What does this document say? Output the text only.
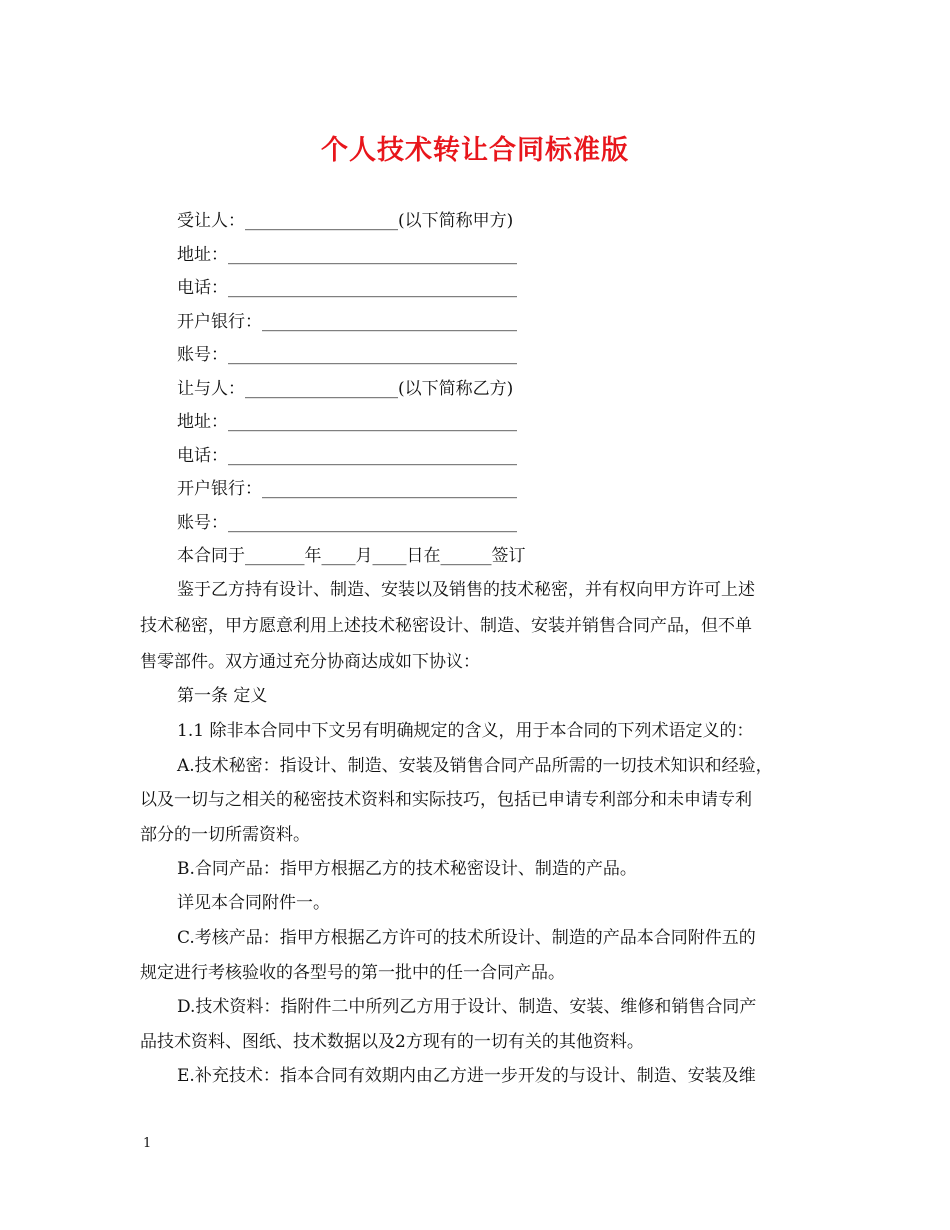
个人技术转让合同标准版
受让人：__________________(以下简称甲方)
地址：__________________________________
电话：__________________________________
开户银行：______________________________
账号：__________________________________
让与人：__________________(以下简称乙方)
地址：__________________________________
电话：__________________________________
开户银行：______________________________
账号：__________________________________
本合同于_______年____月____日在______签订
鉴于乙方持有设计、制造、安装以及销售的技术秘密，并有权向甲方许可上述
技术秘密，甲方愿意利用上述技术秘密设计、制造、安装并销售合同产品，但不单
售零部件。双方通过充分协商达成如下协议：
第一条 定义
1.1 除非本合同中下文另有明确规定的含义，用于本合同的下列术语定义的：
A.技术秘密：指设计、制造、安装及销售合同产品所需的一切技术知识和经验，
以及一切与之相关的秘密技术资料和实际技巧，包括已申请专利部分和未申请专利
部分的一切所需资料。
B.合同产品：指甲方根据乙方的技术秘密设计、制造的产品。
详见本合同附件一。
C.考核产品：指甲方根据乙方许可的技术所设计、制造的产品本合同附件五的
规定进行考核验收的各型号的第一批中的任一合同产品。
D.技术资料：指附件二中所列乙方用于设计、制造、安装、维修和销售合同产
品技术资料、图纸、技术数据以及2方现有的一切有关的其他资料。
E.补充技术：指本合同有效期内由乙方进一步开发的与设计、制造、安装及维
1
